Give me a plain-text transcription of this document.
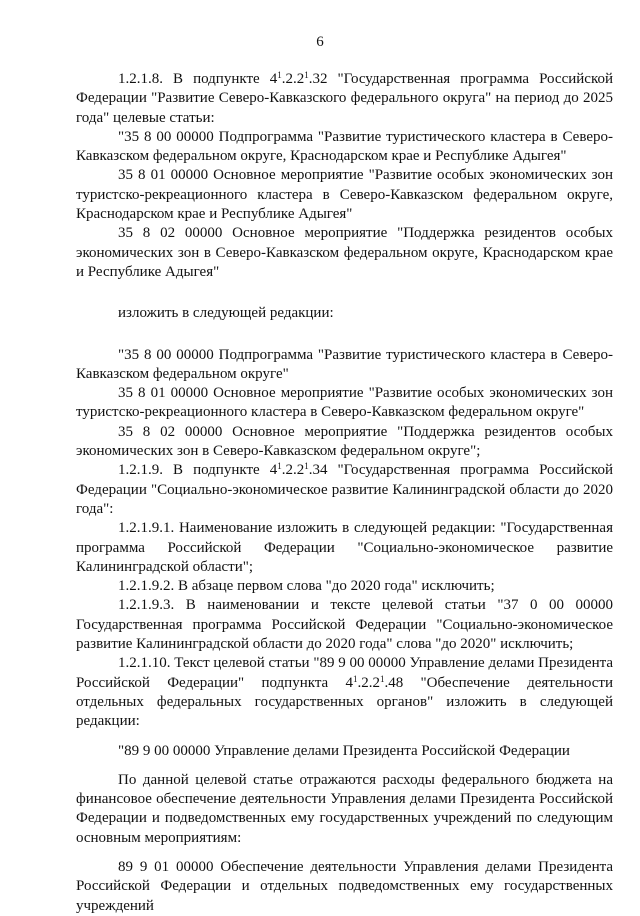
6

1.2.1.8. В подпункте $4^1.2.2^1.32$ "Государственная программа Российской Федерации "Развитие Северо-Кавказского федерального округа" на период до 2025 года" целевые статьи:

"35 8 00 00000 Подпрограмма "Развитие туристического кластера в Северо-Кавказском федеральном округе, Краснодарском крае и Республике Адыгея"

35 8 01 00000 Основное мероприятие "Развитие особых экономических зон туристско-рекреационного кластера в Северо-Кавказском федеральном округе, Краснодарском крае и Республике Адыгея"

35 8 02 00000 Основное мероприятие "Поддержка резидентов особых экономических зон в Северо-Кавказском федеральном округе, Краснодарском крае и Республике Адыгея"

изложить в следующей редакции:

"35 8 00 00000 Подпрограмма "Развитие туристического кластера в Северо-Кавказском федеральном округе"

35 8 01 00000 Основное мероприятие "Развитие особых экономических зон туристско-рекреационного кластера в Северо-Кавказском федеральном округе"

35 8 02 00000 Основное мероприятие "Поддержка резидентов особых экономических зон в Северо-Кавказском федеральном округе";

1.2.1.9. В подпункте $4^1.2.2^1.34$ "Государственная программа Российской Федерации "Социально-экономическое развитие Калининградской области до 2020 года":

1.2.1.9.1. Наименование изложить в следующей редакции: "Государственная программа Российской Федерации "Социально-экономическое развитие Калининградской области";

1.2.1.9.2. В абзаце первом слова "до 2020 года" исключить;

1.2.1.9.3. В наименовании и тексте целевой статьи "37 0 00 00000 Государственная программа Российской Федерации "Социально-экономическое развитие Калининградской области до 2020 года" слова "до 2020" исключить;

1.2.1.10. Текст целевой статьи "89 9 00 00000 Управление делами Президента Российской Федерации" подпункта $4^1.2.2^1.48$ "Обеспечение деятельности отдельных федеральных государственных органов" изложить в следующей редакции:

"89 9 00 00000 Управление делами Президента Российской Федерации

По данной целевой статье отражаются расходы федерального бюджета на финансовое обеспечение деятельности Управления делами Президента Российской Федерации и подведомственных ему государственных учреждений по следующим основным мероприятиям:

89 9 01 00000 Обеспечение деятельности Управления делами Президента Российской Федерации и отдельных подведомственных ему государственных учреждений
